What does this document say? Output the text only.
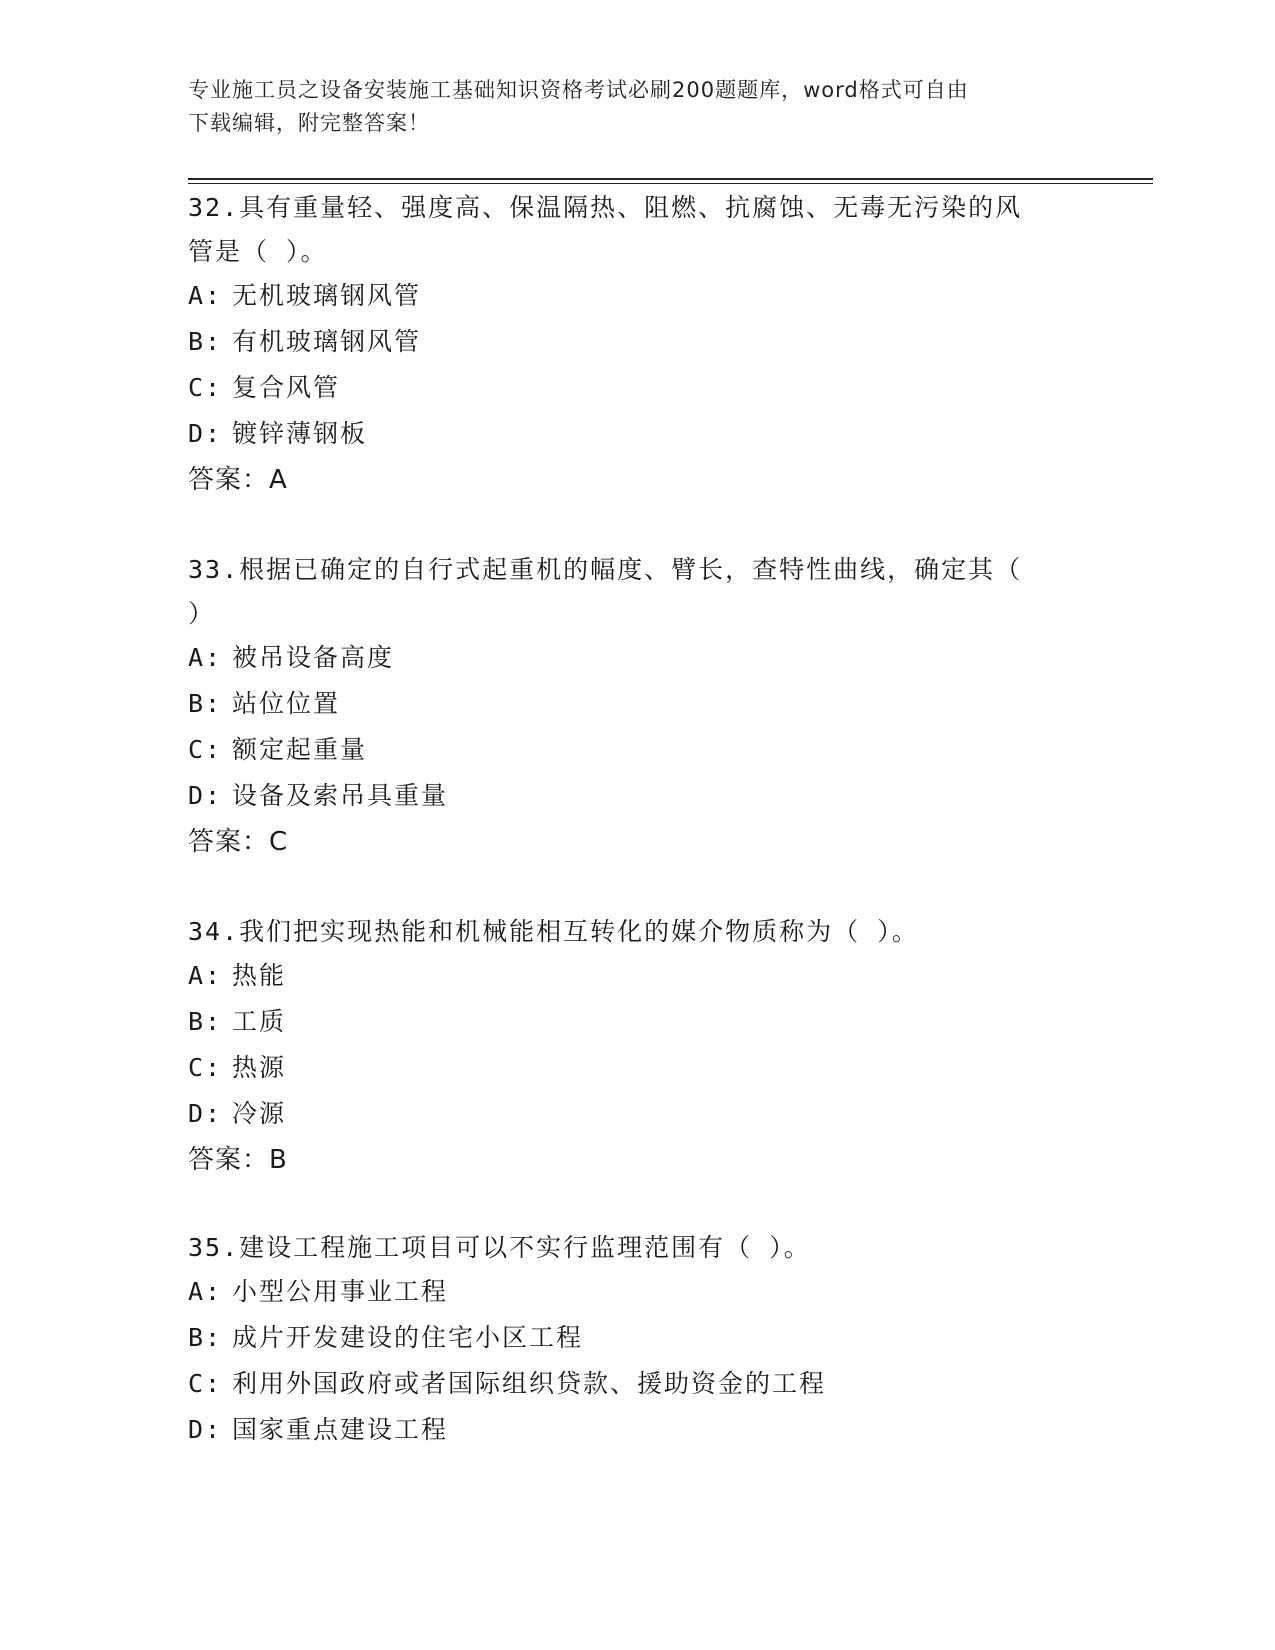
专业施工员之设备安装施工基础知识资格考试必刷200题题库，word格式可自由
下载编辑，附完整答案！
32.具有重量轻、强度高、保温隔热、阻燃、抗腐蚀、无毒无污染的风
管是（ ）。
A: 无机玻璃钢风管
B: 有机玻璃钢风管
C: 复合风管
D: 镀锌薄钢板
答案：A
33.根据已确定的自行式起重机的幅度、臂长，查特性曲线，确定其（
）
A: 被吊设备高度
B: 站位位置
C: 额定起重量
D: 设备及索吊具重量
答案：C
34.我们把实现热能和机械能相互转化的媒介物质称为（ ）。
A: 热能
B: 工质
C: 热源
D: 冷源
答案：B
35.建设工程施工项目可以不实行监理范围有（ ）。
A: 小型公用事业工程
B: 成片开发建设的住宅小区工程
C: 利用外国政府或者国际组织贷款、援助资金的工程
D: 国家重点建设工程
